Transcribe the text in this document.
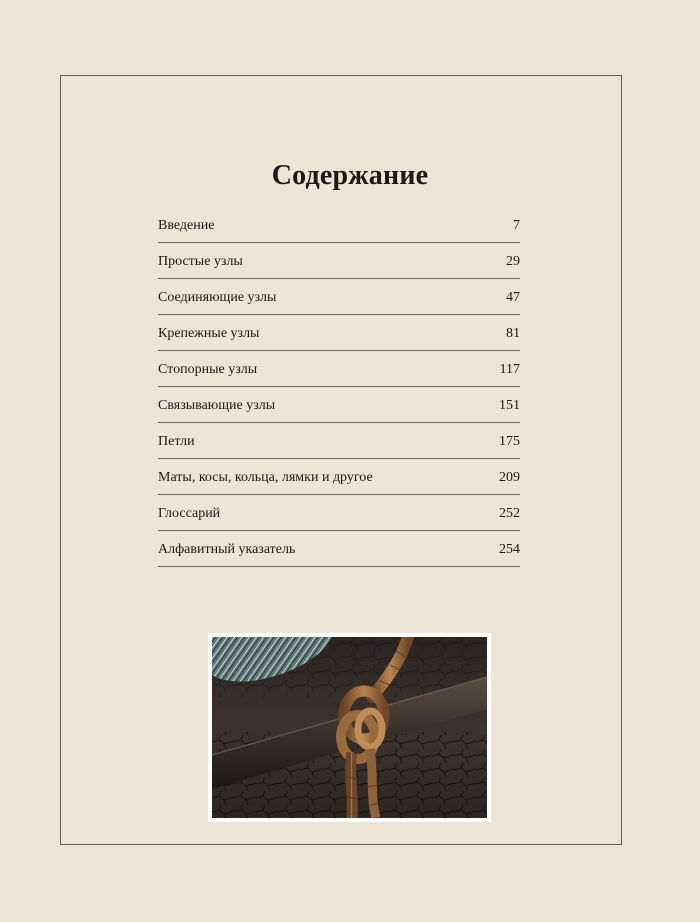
Содержание
Введение	7
Простые узлы	29
Соединяющие узлы	47
Крепежные узлы	81
Стопорные узлы	117
Связывающие узлы	151
Петли	175
Маты, косы, кольца, лямки и другое	209
Глоссарий	252
Алфавитный указатель	254
